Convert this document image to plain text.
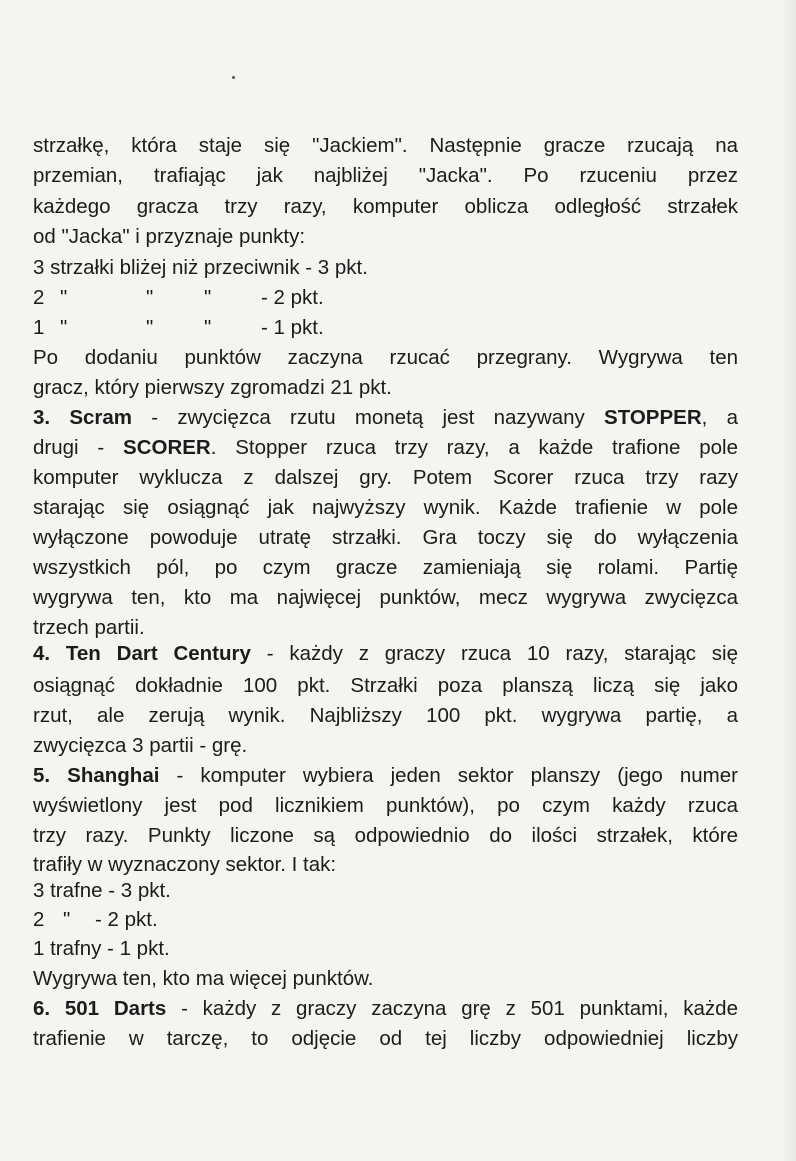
strzałkę, która staje się "Jackiem". Następnie gracze rzucają na
przemian, trafiając jak najbliżej "Jacka". Po rzuceniu przez
każdego gracza trzy razy, komputer oblicza odległość strzałek
od "Jacka" i przyznaje punkty:
3 strzałki bliżej niż przeciwnik - 3 pkt.
2 "	" " - 2 pkt.
1 "	" " - 1 pkt.
Po dodaniu punktów zaczyna rzucać przegrany. Wygrywa ten
gracz, który pierwszy zgromadzi 21 pkt.
3. Scram - zwycięzca rzutu monetą jest nazywany STOPPER, a
drugi - SCORER. Stopper rzuca trzy razy, a każde trafione pole
komputer wyklucza z dalszej gry. Potem Scorer rzuca trzy razy
starając się osiągnąć jak najwyższy wynik. Każde trafienie w pole
wyłączone powoduje utratę strzałki. Gra toczy się do wyłączenia
wszystkich pól, po czym gracze zamieniają się rolami. Partię
wygrywa ten, kto ma najwięcej punktów, mecz wygrywa zwycięzca
trzech partii.
4. Ten Dart Century - każdy z graczy rzuca 10 razy, starając się
osiągnąć dokładnie 100 pkt. Strzałki poza planszą liczą się jako
rzut, ale zerują wynik. Najbliższy 100 pkt. wygrywa partię, a
zwycięzca 3 partii - grę.
5. Shanghai - komputer wybiera jeden sektor planszy (jego numer
wyświetlony jest pod licznikiem punktów), po czym każdy rzuca
trzy razy. Punkty liczone są odpowiednio do ilości strzałek, które
trafiły w wyznaczony sektor. I tak:
3 trafne - 3 pkt.
2 " - 2 pkt.
1 trafny - 1 pkt.
Wygrywa ten, kto ma więcej punktów.
6. 501 Darts - każdy z graczy zaczyna grę z 501 punktami, każde
trafienie w tarczę, to odjęcie od tej liczby odpowiedniej liczby
